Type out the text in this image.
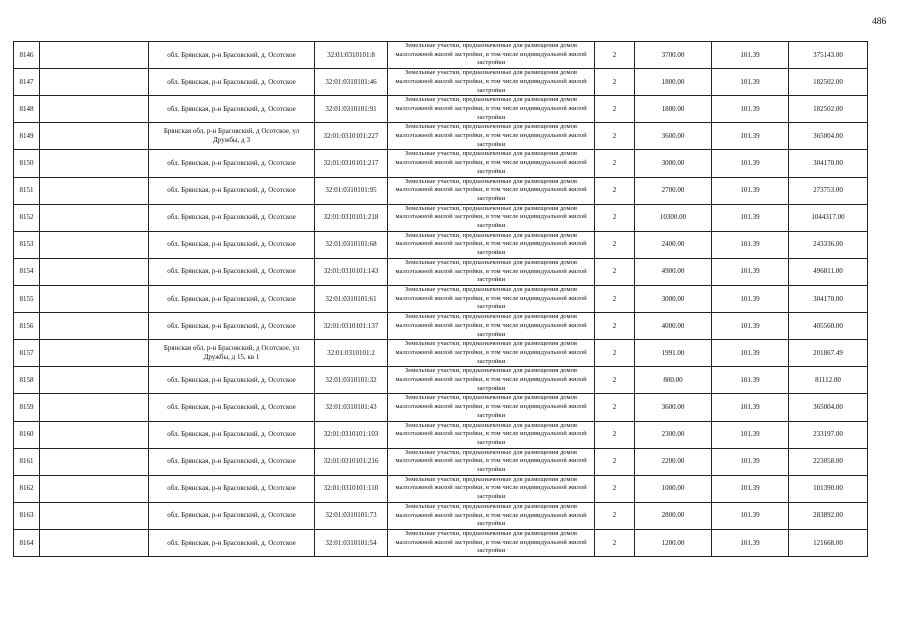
486
8146		обл. Брянская, р-н Брасовский, д. Осотское	32:01:0310101:8	Земельные участки, предназначенные для размещения домов малоэтажной жилой застройки, в том числе индивидуальной жилой застройки	2	3700.00	101.39	375143.00
8147		обл. Брянская, р-н Брасовский, д. Осотское	32:01:0310101:46	Земельные участки, предназначенные для размещения домов малоэтажной жилой застройки, в том числе индивидуальной жилой застройки	2	1800.00	101.39	182502.00
8148		обл. Брянская, р-н Брасовский, д. Осотское	32:01:0310101:91	Земельные участки, предназначенные для размещения домов малоэтажной жилой застройки, в том числе индивидуальной жилой застройки	2	1800.00	101.39	182502.00
8149		Брянская обл, р-н Брасовский, д Осотское, ул Дружбы, д 3	32:01:0310101:227	Земельные участки, предназначенные для размещения домов малоэтажной жилой застройки, в том числе индивидуальной жилой застройки	2	3600.00	101.39	365004.00
8150		обл. Брянская, р-н Брасовский, д. Осотское	32:01:0310101:217	Земельные участки, предназначенные для размещения домов малоэтажной жилой застройки, в том числе индивидуальной жилой застройки	2	3000.00	101.39	304170.00
8151		обл. Брянская, р-н Брасовский, д. Осотское	32:01:0310101:95	Земельные участки, предназначенные для размещения домов малоэтажной жилой застройки, в том числе индивидуальной жилой застройки	2	2700.00	101.39	273753.00
8152		обл. Брянская, р-н Брасовский, д. Осотское	32:01:0310101:218	Земельные участки, предназначенные для размещения домов малоэтажной жилой застройки, в том числе индивидуальной жилой застройки	2	10300.00	101.39	1044317.00
8153		обл. Брянская, р-н Брасовский, д. Осотское	32:01:0310101:68	Земельные участки, предназначенные для размещения домов малоэтажной жилой застройки, в том числе индивидуальной жилой застройки	2	2400.00	101.39	243336.00
8154		обл. Брянская, р-н Брасовский, д. Осотское	32:01:0310101:143	Земельные участки, предназначенные для размещения домов малоэтажной жилой застройки, в том числе индивидуальной жилой застройки	2	4900.00	101.39	496811.00
8155		обл. Брянская, р-н Брасовский, д. Осотское	32:01:0310101:61	Земельные участки, предназначенные для размещения домов малоэтажной жилой застройки, в том числе индивидуальной жилой застройки	2	3000.00	101.39	304170.00
8156		обл. Брянская, р-н Брасовский, д. Осотское	32:01:0310101:137	Земельные участки, предназначенные для размещения домов малоэтажной жилой застройки, в том числе индивидуальной жилой застройки	2	4000.00	101.39	405560.00
8157		Брянская обл, р-н Брасовский, д Осотское, ул Дружбы, д 15, кв 1	32:01:0310101:2	Земельные участки, предназначенные для размещения домов малоэтажной жилой застройки, в том числе индивидуальной жилой застройки	2	1991.00	101.39	201867.49
8158		обл. Брянская, р-н Брасовский, д. Осотское	32:01:0310101:32	Земельные участки, предназначенные для размещения домов малоэтажной жилой застройки, в том числе индивидуальной жилой застройки	2	800.00	101.39	81112.00
8159		обл. Брянская, р-н Брасовский, д. Осотское	32:01:0310101:43	Земельные участки, предназначенные для размещения домов малоэтажной жилой застройки, в том числе индивидуальной жилой застройки	2	3600.00	101.39	365004.00
8160		обл. Брянская, р-н Брасовский, д. Осотское	32:01:0310101:103	Земельные участки, предназначенные для размещения домов малоэтажной жилой застройки, в том числе индивидуальной жилой застройки	2	2300.00	101.39	233197.00
8161		обл. Брянская, р-н Брасовский, д. Осотское	32:01:0310101:216	Земельные участки, предназначенные для размещения домов малоэтажной жилой застройки, в том числе индивидуальной жилой застройки	2	2200.00	101.39	223058.00
8162		обл. Брянская, р-н Брасовский, д. Осотское	32:01:0310101:110	Земельные участки, предназначенные для размещения домов малоэтажной жилой застройки, в том числе индивидуальной жилой застройки	2	1000.00	101.39	101390.00
8163		обл. Брянская, р-н Брасовский, д. Осотское	32:01:0310101:73	Земельные участки, предназначенные для размещения домов малоэтажной жилой застройки, в том числе индивидуальной жилой застройки	2	2800.00	101.39	283892.00
8164		обл. Брянская, р-н Брасовский, д. Осотское	32:01:0310101:54	Земельные участки, предназначенные для размещения домов малоэтажной жилой застройки, в том числе индивидуальной жилой застройки	2	1200.00	101.39	121668.00
